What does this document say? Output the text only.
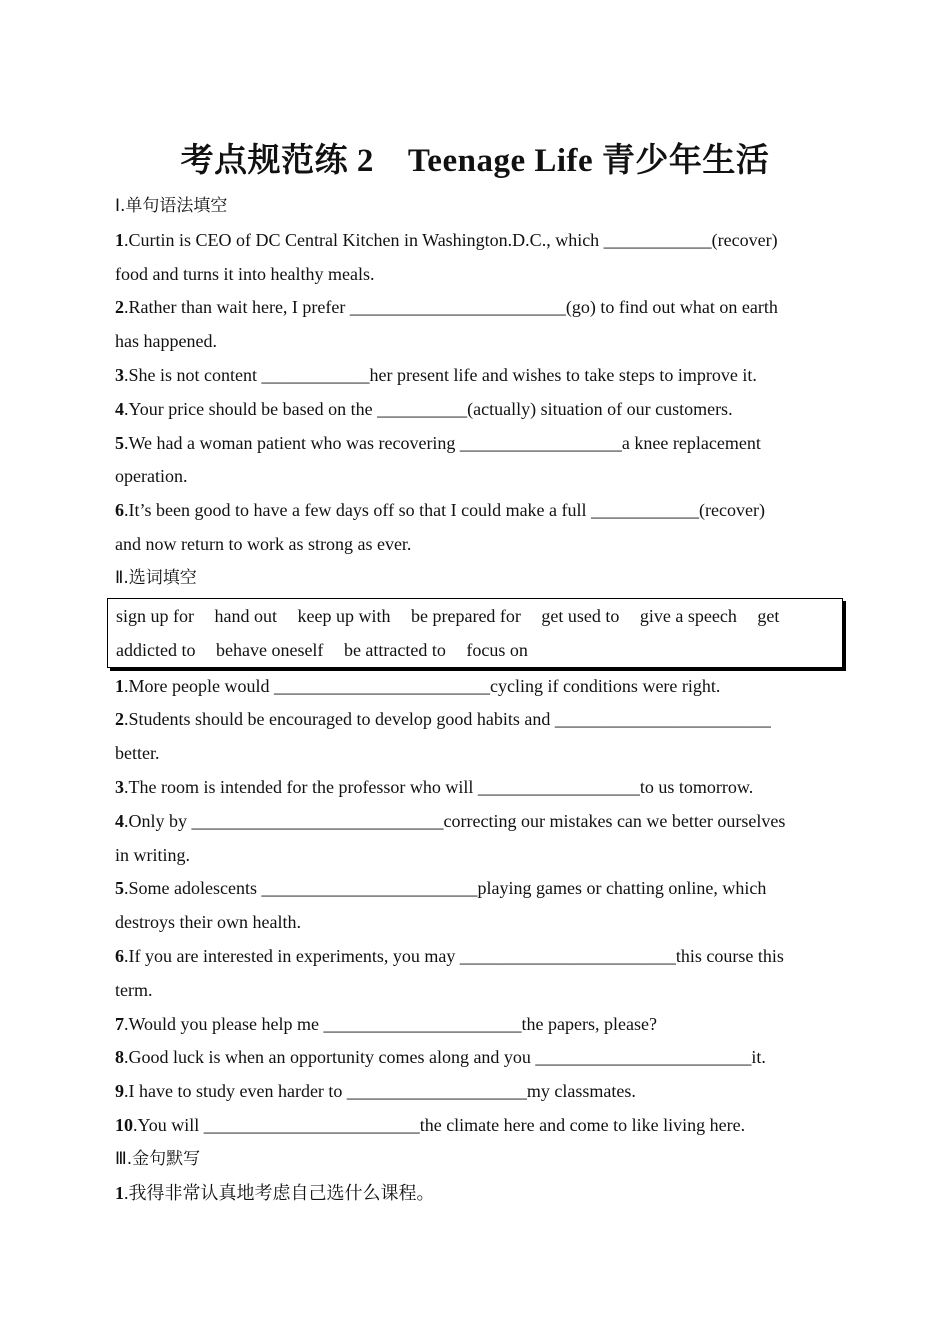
考点规范练 2 Teenage Life 青少年生活
Ⅰ.单句语法填空
1.Curtin is CEO of DC Central Kitchen in Washington.D.C., which ____________(recover)
food and turns it into healthy meals.
2.Rather than wait here, I prefer ________________________(go) to find out what on earth
has happened.
3.She is not content ____________her present life and wishes to take steps to improve it.
4.Your price should be based on the __________(actually) situation of our customers.
5.We had a woman patient who was recovering __________________a knee replacement
operation.
6.It’s been good to have a few days off so that I could make a full ____________(recover)
and now return to work as strong as ever.
Ⅱ.选词填空
sign up for hand out keep up with be prepared for get used to give a speech get addicted to behave oneself be attracted to focus on
1.More people would ________________________cycling if conditions were right.
2.Students should be encouraged to develop good habits and ________________________
better.
3.The room is intended for the professor who will __________________to us tomorrow.
4.Only by ____________________________correcting our mistakes can we better ourselves
in writing.
5.Some adolescents ________________________playing games or chatting online, which
destroys their own health.
6.If you are interested in experiments, you may ________________________this course this
term.
7.Would you please help me ______________________the papers, please?
8.Good luck is when an opportunity comes along and you ________________________it.
9.I have to study even harder to ____________________my classmates.
10.You will ________________________the climate here and come to like living here.
Ⅲ.金句默写
1.我得非常认真地考虑自己选什么课程。
